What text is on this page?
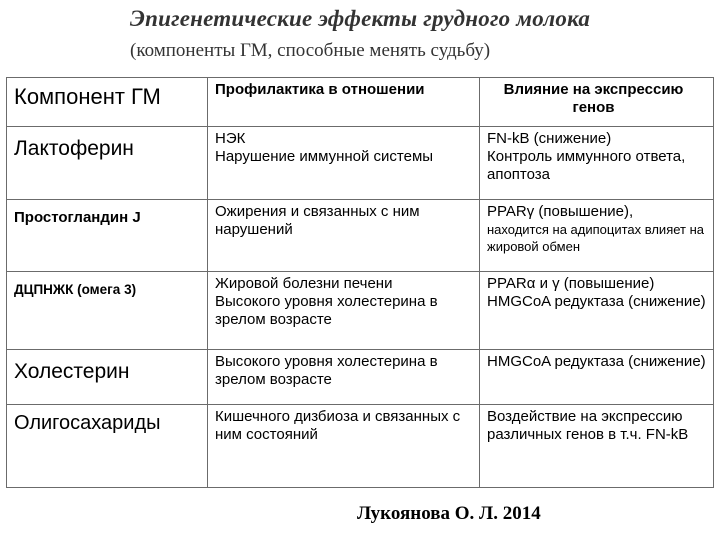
Эпигенетические эффекты грудного молока
(компоненты ГМ, способные менять судьбу)
Компонент ГМ	Профилактика в отношении	Влияние на экспрессию генов

Лактоферин	НЭК
Нарушение иммунной системы	FN-kB (снижение)
Контроль иммунного ответа, апоптоза

Простогландин J	Ожирения и связанных с ним нарушений	PPARγ (повышение),
находится на адипоцитах влияет на жировой обмен

ДЦПНЖК (омега 3)	Жировой болезни печени
Высокого уровня холестерина в зрелом возрасте	PPARα и γ (повышение)
HMGCoA редуктаза (снижение)

Холестерин	Высокого уровня холестерина в зрелом возрасте	HMGCoA редуктаза (снижение)

Олигосахариды	Кишечного дизбиоза и связанных с ним состояний	Воздействие на экспрессию различных генов в т.ч. FN-kB
Лукоянова О. Л. 2014
